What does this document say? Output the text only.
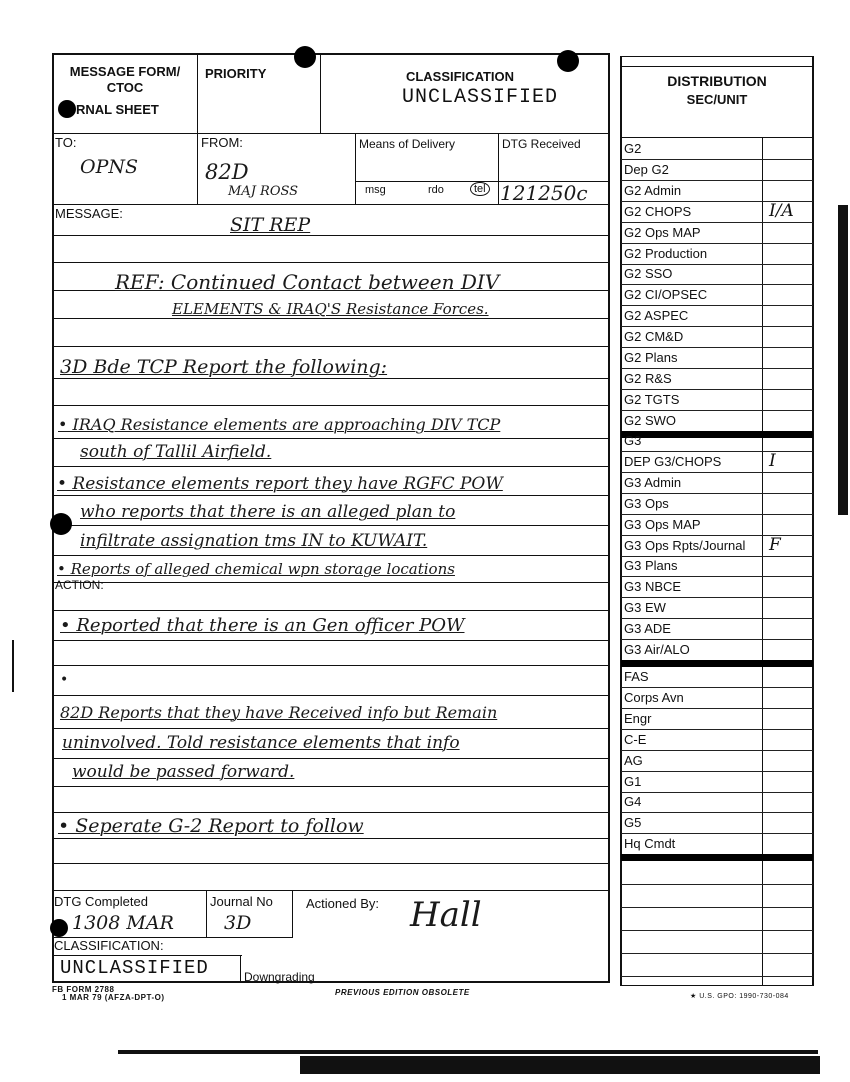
MESSAGE FORM/ CTOC
RNAL SHEET
PRIORITY	CLASSIFICATION
UNCLASSIFIED
TO:
OPNS
FROM:
82D
MAJ ROSS
Means of Delivery	DTG Received
msg	rdo	tel 121250c
MESSAGE:
SIT REP
REF: Continued Contact between DIV
ELEMENTS & IRAQ'S Resistance Forces.
3D Bde TCP Report the following:
• IRAQ Resistance elements are approaching DIV TCP
south of Tallil Airfield.
• Resistance elements report they have RGFC POW
who reports that there is an alleged plan to
infiltrate assignation tms IN to KUWAIT.
• Reports of alleged chemical wpn storage locations
ACTION:
• Reported that there is an Gen officer POW
•
82D Reports that they have Received info but Remain
uninvolved. Told resistance elements that info
would be passed forward.
• Seperate G-2 Report to follow
DTG Completed
1308 MAR
Journal No
3D
Actioned By: Hall
CLASSIFICATION:
UNCLASSIFIED	Downgrading
FB FORM 2788
1 MAR 79 (AFZA-DPT-O)
PREVIOUS EDITION OBSOLETE	★ U.S. GPO: 1990-730-084
DISTRIBUTION
SEC/UNIT
G2
Dep G2
G2 Admin
G2 CHOPS	I/A
G2 Ops MAP
G2 Production
G2 SSO
G2 CI/OPSEC
G2 ASPEC
G2 CM&D
G2 Plans
G2 R&S
G2 TGTS
G2 SWO
G3
DEP G3/CHOPS	I
G3 Admin
G3 Ops
G3 Ops MAP
G3 Ops Rpts/Journal F
G3 Plans
G3 NBCE
G3 EW
G3 ADE
G3 Air/ALO
FAS
Corps Avn
Engr
C-E
AG
G1
G4
G5
Hq Cmdt
